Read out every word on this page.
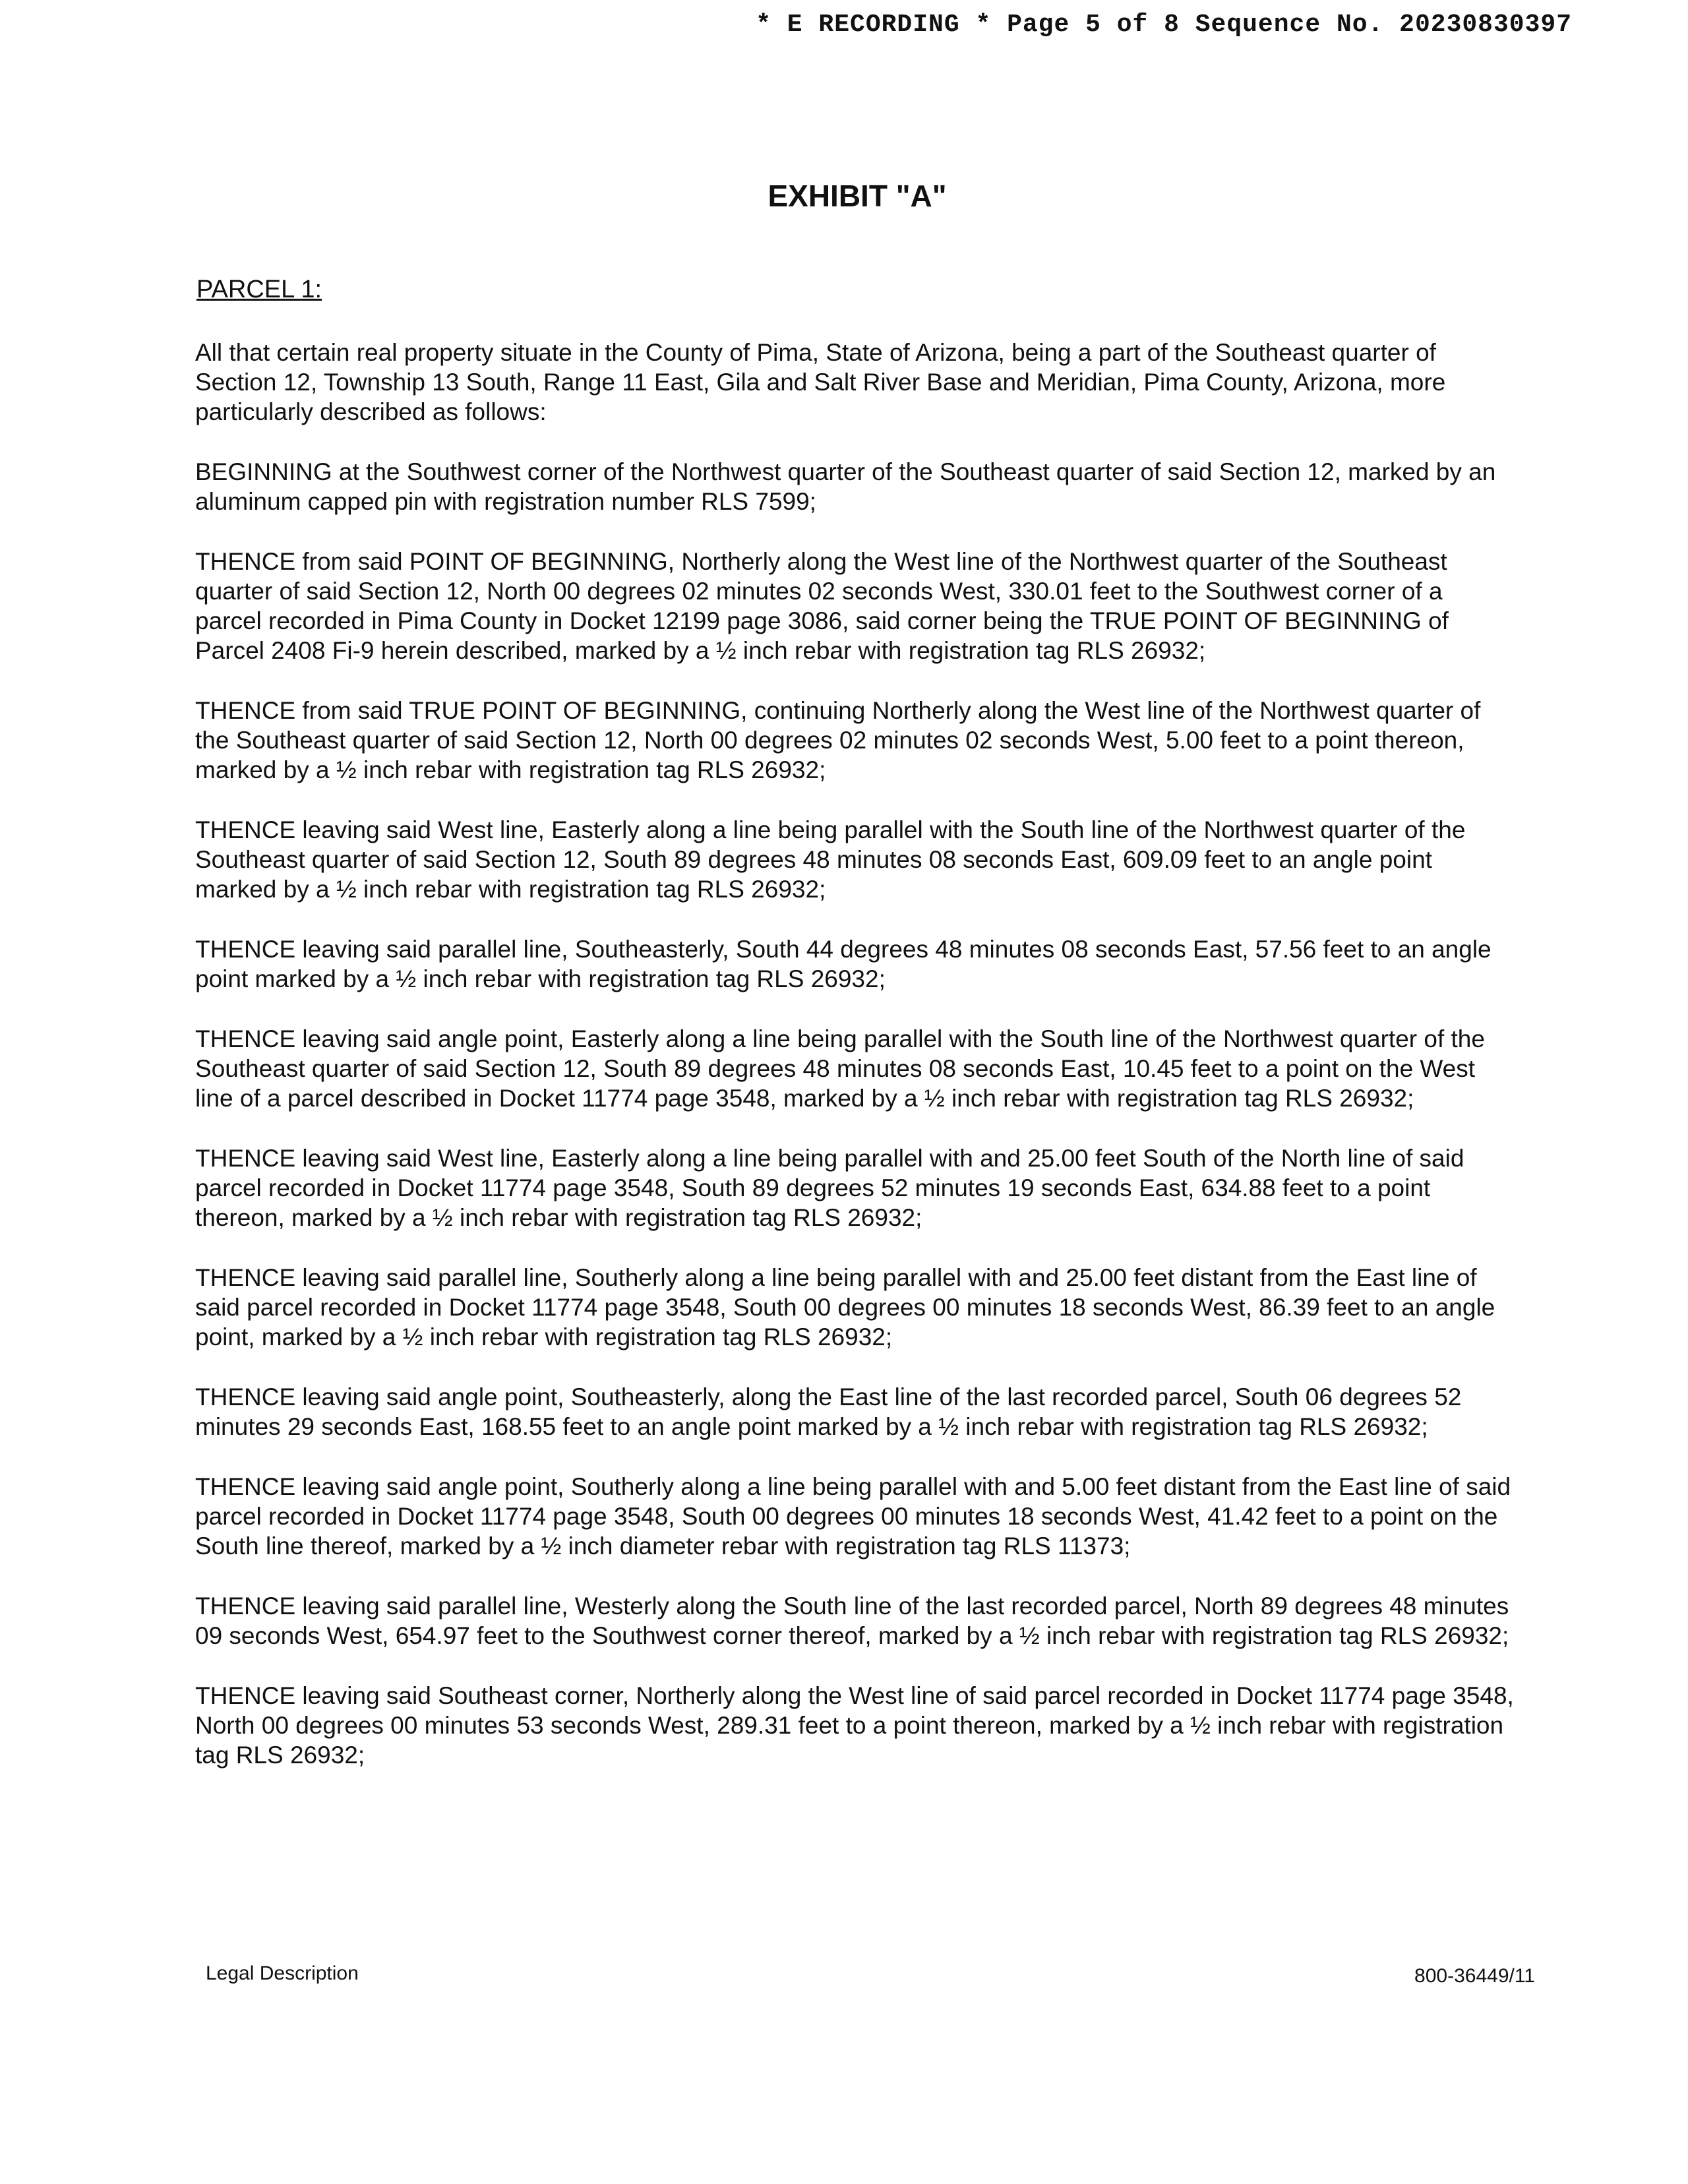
* E RECORDING * Page 5 of 8 Sequence No. 20230830397
EXHIBIT "A"
PARCEL 1:

All that certain real property situate in the County of Pima, State of Arizona, being a part of the Southeast quarter of Section 12, Township 13 South, Range 11 East, Gila and Salt River Base and Meridian, Pima County, Arizona, more particularly described as follows:

BEGINNING at the Southwest corner of the Northwest quarter of the Southeast quarter of said Section 12, marked by an aluminum capped pin with registration number RLS 7599;

THENCE from said POINT OF BEGINNING, Northerly along the West line of the Northwest quarter of the Southeast quarter of said Section 12, North 00 degrees 02 minutes 02 seconds West, 330.01 feet to the Southwest corner of a parcel recorded in Pima County in Docket 12199 page 3086, said corner being the TRUE POINT OF BEGINNING of Parcel 2408 Fi-9 herein described, marked by a ½ inch rebar with registration tag RLS 26932;

THENCE from said TRUE POINT OF BEGINNING, continuing Northerly along the West line of the Northwest quarter of the Southeast quarter of said Section 12, North 00 degrees 02 minutes 02 seconds West, 5.00 feet to a point thereon, marked by a ½ inch rebar with registration tag RLS 26932;

THENCE leaving said West line, Easterly along a line being parallel with the South line of the Northwest quarter of the Southeast quarter of said Section 12, South 89 degrees 48 minutes 08 seconds East, 609.09 feet to an angle point marked by a ½ inch rebar with registration tag RLS 26932;

THENCE leaving said parallel line, Southeasterly, South 44 degrees 48 minutes 08 seconds East, 57.56 feet to an angle point marked by a ½ inch rebar with registration tag RLS 26932;

THENCE leaving said angle point, Easterly along a line being parallel with the South line of the Northwest quarter of the Southeast quarter of said Section 12, South 89 degrees 48 minutes 08 seconds East, 10.45 feet to a point on the West line of a parcel described in Docket 11774 page 3548, marked by a ½ inch rebar with registration tag RLS 26932;

THENCE leaving said West line, Easterly along a line being parallel with and 25.00 feet South of the North line of said parcel recorded in Docket 11774 page 3548, South 89 degrees 52 minutes 19 seconds East, 634.88 feet to a point thereon, marked by a ½ inch rebar with registration tag RLS 26932;

THENCE leaving said parallel line, Southerly along a line being parallel with and 25.00 feet distant from the East line of said parcel recorded in Docket 11774 page 3548, South 00 degrees 00 minutes 18 seconds West, 86.39 feet to an angle point, marked by a ½ inch rebar with registration tag RLS 26932;

THENCE leaving said angle point, Southeasterly, along the East line of the last recorded parcel, South 06 degrees 52 minutes 29 seconds East, 168.55 feet to an angle point marked by a ½ inch rebar with registration tag RLS 26932;

THENCE leaving said angle point, Southerly along a line being parallel with and 5.00 feet distant from the East line of said parcel recorded in Docket 11774 page 3548, South 00 degrees 00 minutes 18 seconds West, 41.42 feet to a point on the South line thereof, marked by a ½ inch diameter rebar with registration tag RLS 11373;

THENCE leaving said parallel line, Westerly along the South line of the last recorded parcel, North 89 degrees 48 minutes 09 seconds West, 654.97 feet to the Southwest corner thereof, marked by a ½ inch rebar with registration tag RLS 26932;

THENCE leaving said Southeast corner, Northerly along the West line of said parcel recorded in Docket 11774 page 3548, North 00 degrees 00 minutes 53 seconds West, 289.31 feet to a point thereon, marked by a ½ inch rebar with registration tag RLS 26932;

Legal Description	800-36449/11
